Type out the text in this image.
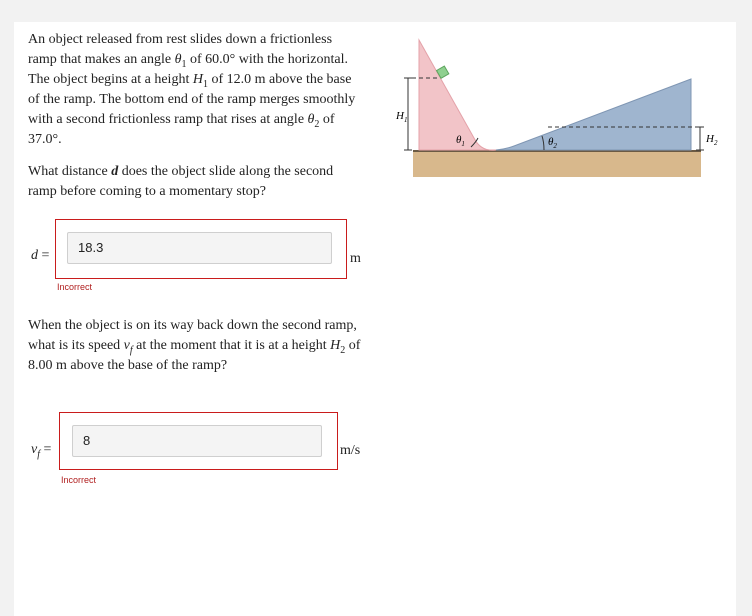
An object released from rest slides down a frictionless ramp that makes an angle $\theta_1$ of 60.0° with the horizontal. The object begins at a height $H_1$ of 12.0 m above the base of the ramp. The bottom end of the ramp merges smoothly with a second frictionless ramp that rises at angle $\theta_2$ of 37.0°.

What distance d does the object slide along the second ramp before coming to a momentary stop?

d =
18.3
m
Incorrect

When the object is on its way back down the second ramp, what is its speed $v_f$ at the moment that it is at a height $H_2$ of 8.00 m above the base of the ramp?

$v_f$ =
8
m/s
Incorrect
$H_1$
$\theta_1$	$\theta_2$
$H_2$
